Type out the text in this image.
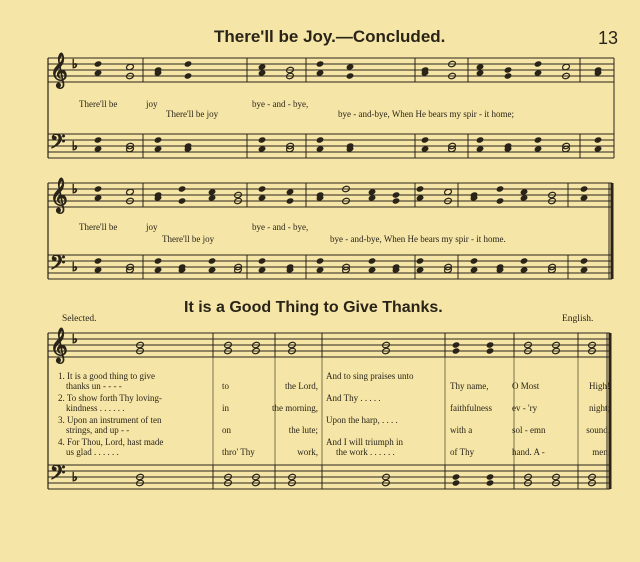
There'll be Joy.—Concluded.	13
𝄞
𝄢
♭
♭
𝄞
𝄢
♭
♭
𝄞
𝄢
♭
♭
There'll be	joy
There'll be joy
bye - and - bye,
bye - and-bye, When He bears my spir - it home;
There'll be	joy
There'll be joy
bye - and - bye,
bye - and-bye, When He bears my spir - it home.
It is a Good Thing to Give Thanks.
Selected.	English.
1. It is a good thing to give
thanks un - - - -	to	the Lord,
And to sing praises unto
Thy name,	O Most	High!
2. To show forth Thy loving-
kindness . . . . . .	in	the morning,
And Thy . . . . .
faithfulness ev - 'ry	night;
3. Upon an instrument of ten
strings, and up - -	on	the lute;
Upon the harp, . . . .
with a	sol - emn	sound.
4. For Thou, Lord, hast made
us glad . . . . . .	thro' Thy	work,
And I will triumph in
the work . . . . . .	of Thy	hand. A -	men.
